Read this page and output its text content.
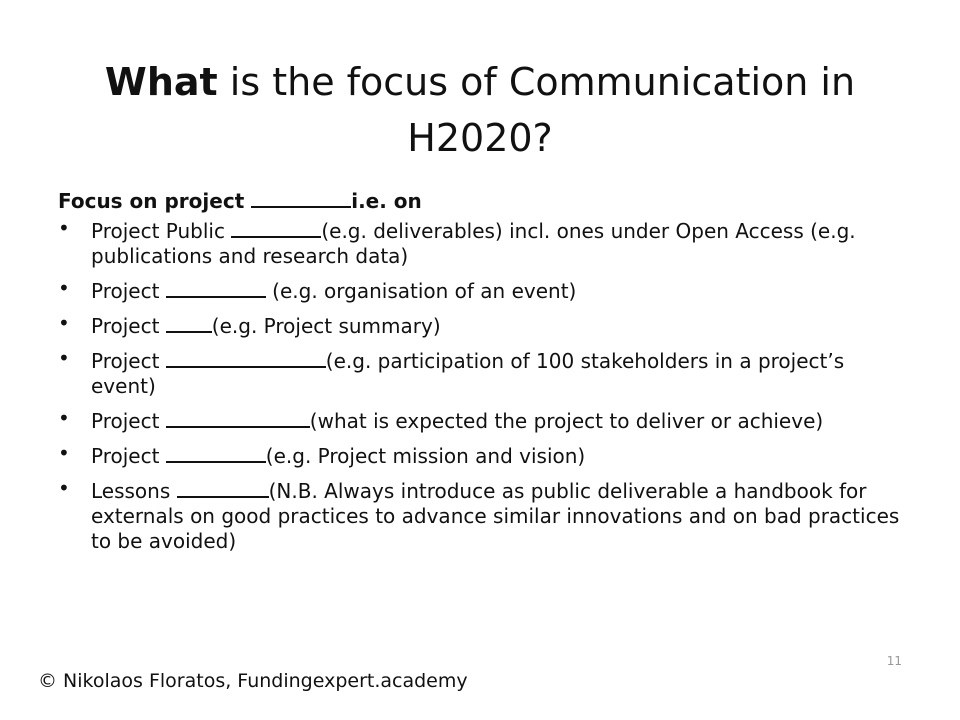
What is the focus of Communication in H2020?
Focus on project	i.e. on
• Project Public	(e.g. deliverables) incl. ones under Open Access (e.g. publications and research data)
• Project	(e.g. organisation of an event)
• Project (e.g. Project summary)
• Project	(e.g. participation of 100 stakeholders in a project’s event)
• Project	(what is expected the project to deliver or achieve)
• Project	(e.g. Project mission and vision)
• Lessons	(N.B. Always introduce as public deliverable a handbook for externals on good practices to advance similar innovations and on bad practices to be avoided)
11
© Nikolaos Floratos, Fundingexpert.academy
